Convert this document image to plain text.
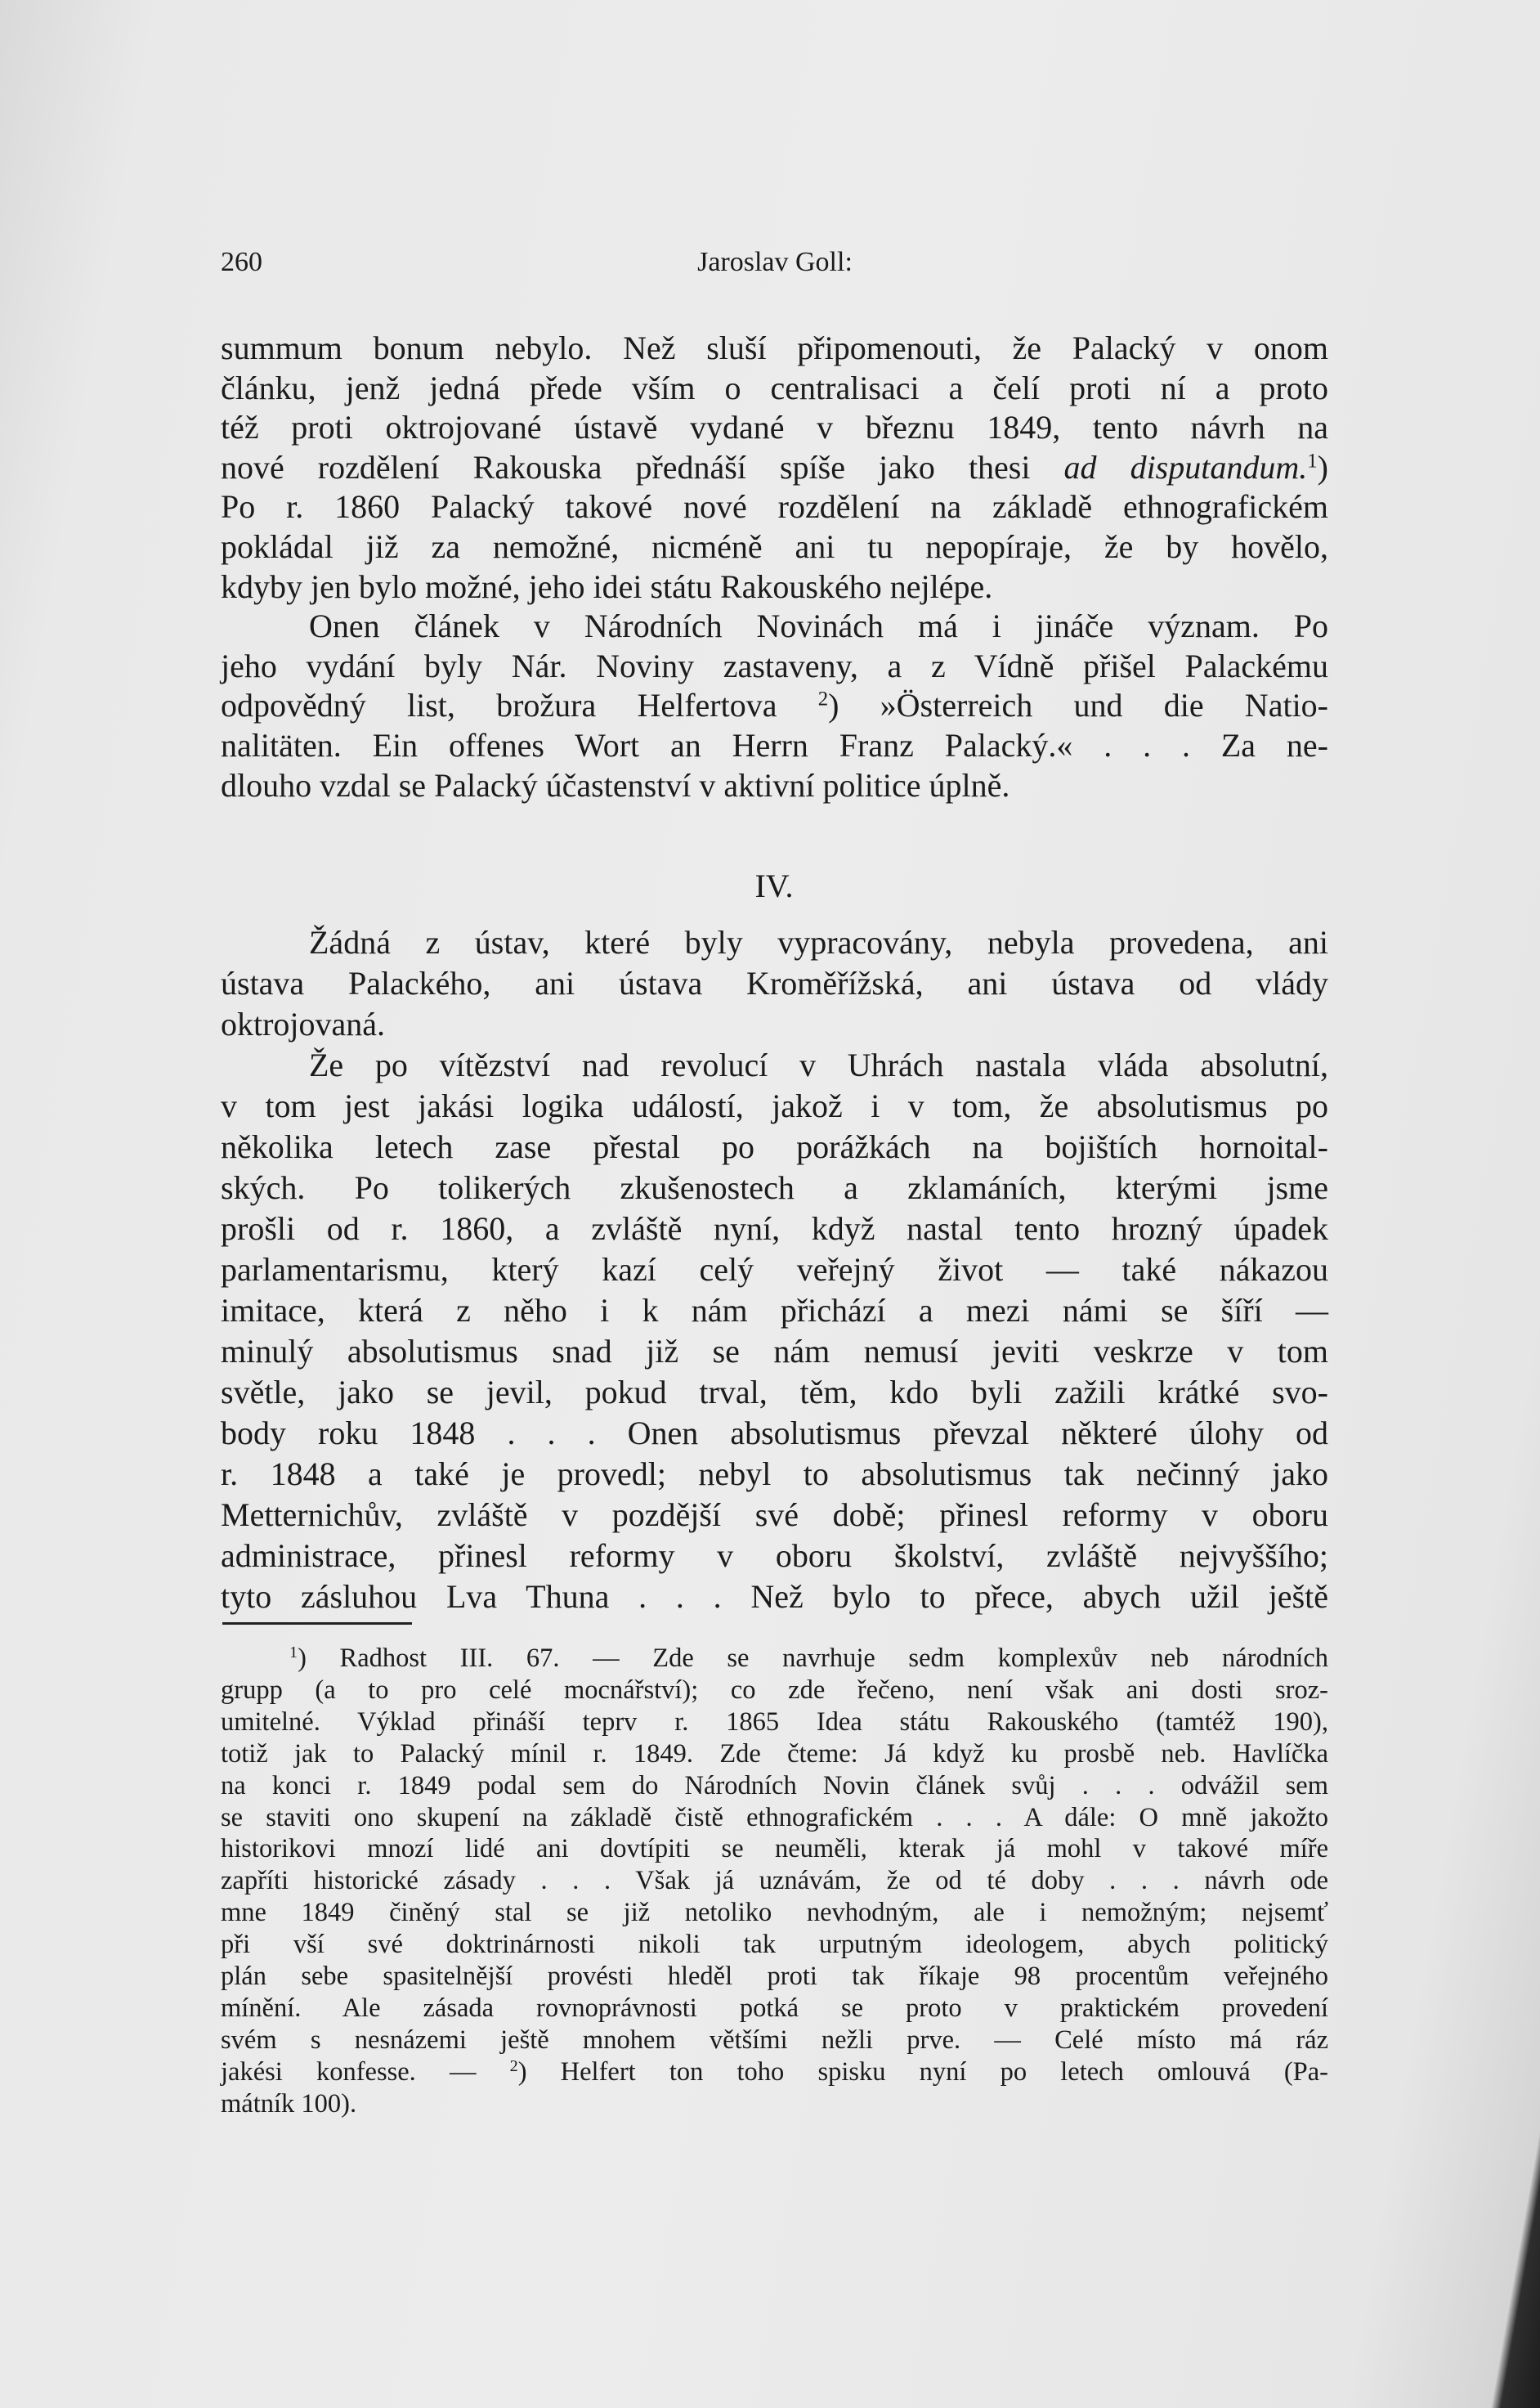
260	Jaroslav Goll:
summum bonum nebylo. Než sluší připomenouti, že Palacký v onom
článku, jenž jedná přede vším o centralisaci a čelí proti ní a proto
též proti oktrojované ústavě vydané v březnu 1849, tento návrh na
nové rozdělení Rakouska přednáší spíše jako thesi ad disputandum.$^1$)
Po r. 1860 Palacký takové nové rozdělení na základě ethnografickém
pokládal již za nemožné, nicméně ani tu nepopíraje, že by hovělo,
kdyby jen bylo možné, jeho idei státu Rakouského nejlépe.
Onen článek v Národních Novinách má i jináče význam. Po
jeho vydání byly Nár. Noviny zastaveny, a z Vídně přišel Palackému
odpovědný list, brožura Helfertova $^2$) »Österreich und die Natio-
nalitäten. Ein offenes Wort an Herrn Franz Palacký.« . . . Za ne-
dlouho vzdal se Palacký účastenství v aktivní politice úplně.
IV.
Žádná z ústav, které byly vypracovány, nebyla provedena, ani
ústava Palackého, ani ústava Kroměřížská, ani ústava od vlády
oktrojovaná.
Že po vítězství nad revolucí v Uhrách nastala vláda absolutní,
v tom jest jakási logika událostí, jakož i v tom, že absolutismus po
několika letech zase přestal po porážkách na bojištích hornoital-
ských. Po tolikerých zkušenostech a zklamáních, kterými jsme
prošli od r. 1860, a zvláště nyní, když nastal tento hrozný úpadek
parlamentarismu, který kazí celý veřejný život — také nákazou
imitace, která z něho i k nám přichází a mezi námi se šíří —
minulý absolutismus snad již se nám nemusí jeviti veskrze v tom
světle, jako se jevil, pokud trval, těm, kdo byli zažili krátké svo-
body roku 1848 . . . Onen absolutismus převzal některé úlohy od
r. 1848 a také je provedl; nebyl to absolutismus tak nečinný jako
Metternichův, zvláště v pozdější své době; přinesl reformy v oboru
administrace, přinesl reformy v oboru školství, zvláště nejvyššího;
tyto zásluhou Lva Thuna . . . Než bylo to přece, abych užil ještě
$^1$) Radhost III. 67. — Zde se navrhuje sedm komplexův neb národních
grupp (a to pro celé mocnářství); co zde řečeno, není však ani dosti sroz-
umitelné. Výklad přináší teprv r. 1865 Idea státu Rakouského (tamtéž 190),
totiž jak to Palacký mínil r. 1849. Zde čteme: Já když ku prosbě neb. Havlíčka
na konci r. 1849 podal sem do Národních Novin článek svůj . . . odvážil sem
se staviti ono skupení na základě čistě ethnografickém . . . A dále: O mně jakožto
historikovi mnozí lidé ani dovtípiti se neuměli, kterak já mohl v takové míře
zapříti historické zásady . . . Však já uznávám, že od té doby . . . návrh ode
mne 1849 činěný stal se již netoliko nevhodným, ale i nemožným; nejsemť
při vší své doktrinárnosti nikoli tak urputným ideologem, abych politický
plán sebe spasitelnější provésti hleděl proti tak říkaje 98 procentům veřejného
mínění. Ale zásada rovnoprávnosti potká se proto v praktickém provedení
svém s nesnázemi ještě mnohem většími nežli prve. — Celé místo má ráz
jakési konfesse. — $^2$) Helfert ton toho spisku nyní po letech omlouvá (Pa-
mátník 100).
